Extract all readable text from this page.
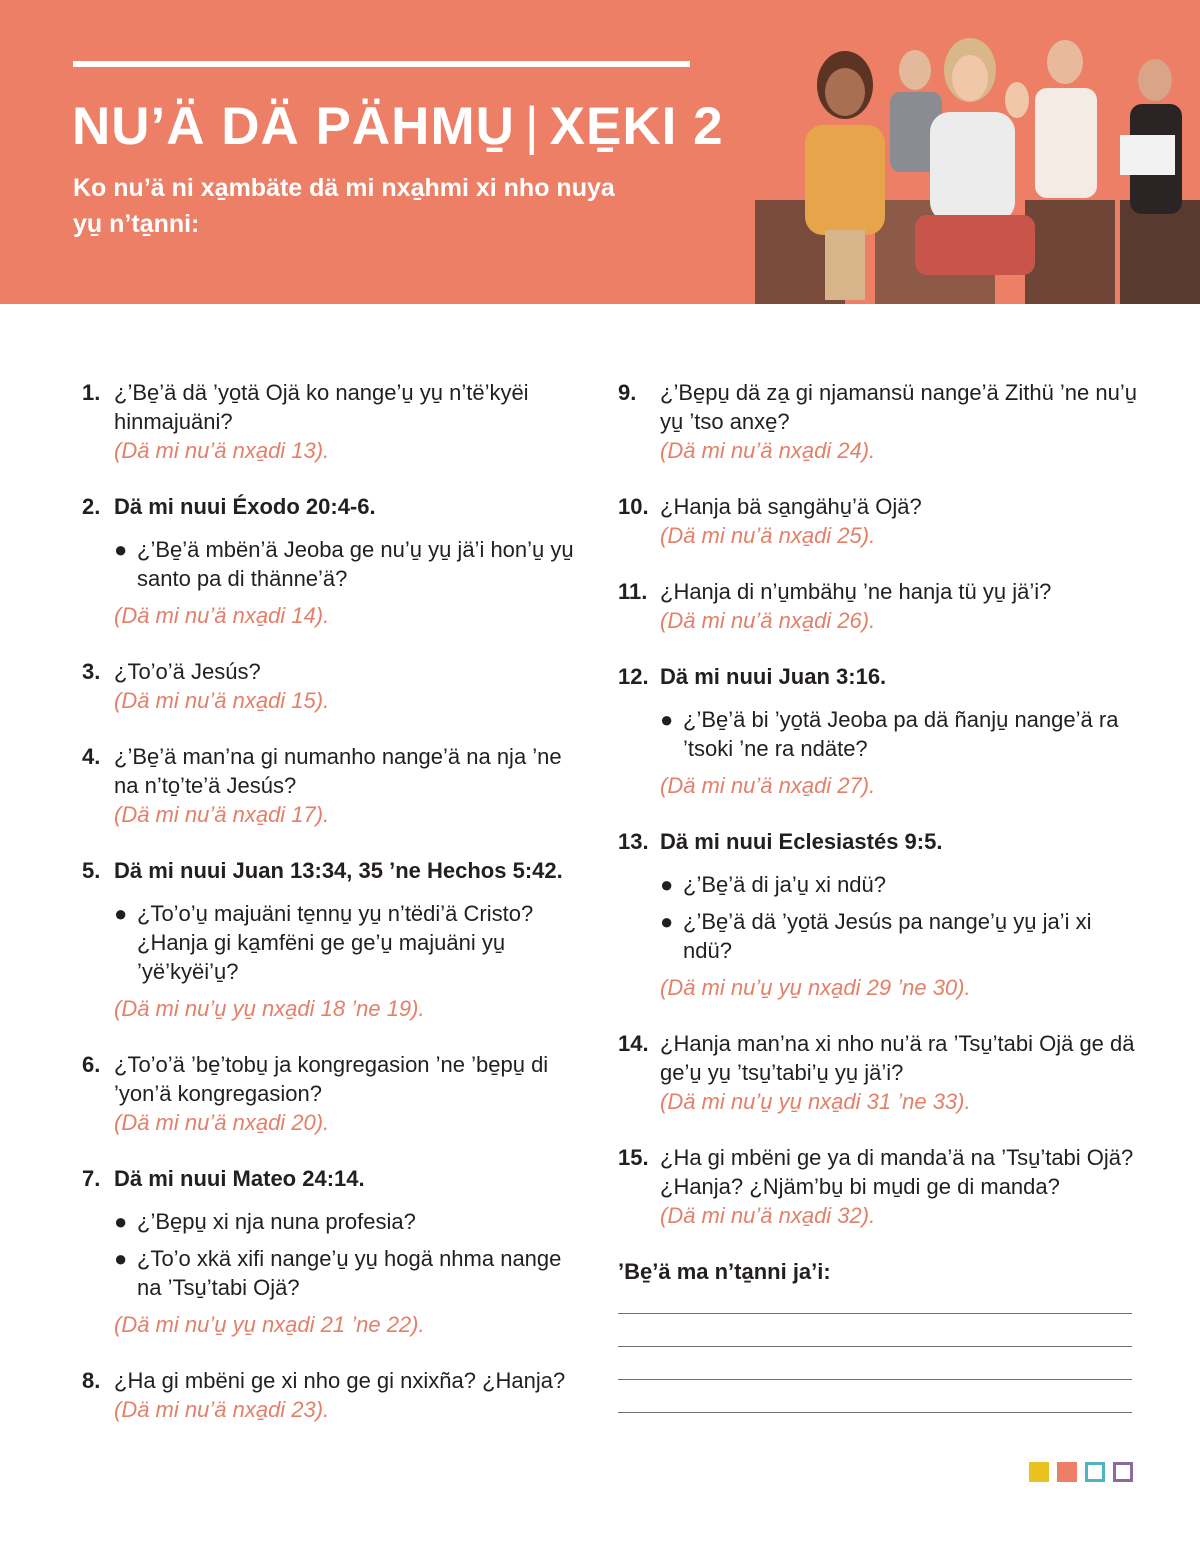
NU’Ä DÄ PÄHMU̱ | XE̱KI 2

Ko nu’ä ni xa̱mbäte dä mi nxa̱hmi xi nho nuya yu̱ n’ta̱nni:

1. ¿’Be̱’ä dä ’yo̱tä Ojä ko nange’u̱ yu̱ n’të’kyëi hinmajuäni?
(Dä mi nu’ä nxa̱di 13).
2. Dä mi nuui Éxodo 20:4-6.
● ¿’Be̱’ä mbën’ä Jeoba ge nu’u̱ yu̱ jä’i hon’u̱ yu̱ santo pa di thänne’ä?
(Dä mi nu’ä nxa̱di 14).
3. ¿To’o’ä Jesús?
(Dä mi nu’ä nxa̱di 15).
4. ¿’Be̱’ä man’na gi numanho nange’ä na nja ’ne na n’to̱’te’ä Jesús?
(Dä mi nu’ä nxa̱di 17).
5. Dä mi nuui Juan 13:34, 35 ’ne Hechos 5:42.
● ¿To’o’u̱ majuäni te̱nnu̱ yu̱ n’tëdi’ä Cristo? ¿Hanja gi ka̱mfëni ge ge’u̱ majuäni yu̱ ’yë’kyëi’u̱?
(Dä mi nu’u̱ yu̱ nxa̱di 18 ’ne 19).
6. ¿To’o’ä ’be̱’tobu̱ ja kongregasion ’ne ’be̱pu̱ di ’yon’ä kongregasion?
(Dä mi nu’ä nxa̱di 20).
7. Dä mi nuui Mateo 24:14.
● ¿’Be̱pu̱ xi nja nuna profesia?
● ¿To’o xkä xifi nange’u̱ yu̱ hogä nhma nange na ’Tsu̱’tabi Ojä?
(Dä mi nu’u̱ yu̱ nxa̱di 21 ’ne 22).
8. ¿Ha gi mbëni ge xi nho ge gi nxixña? ¿Hanja?
(Dä mi nu’ä nxa̱di 23).
9. ¿’Be̱pu̱ dä za̱ gi njamansü nange’ä Zithü ’ne nu’u̱ yu̱ ’tso anxe̱?
(Dä mi nu’ä nxa̱di 24).
10. ¿Hanja bä sa̱ngähu̱’ä Ojä?
(Dä mi nu’ä nxa̱di 25).
11. ¿Hanja di n’u̱mbähu̱ ’ne hanja tü yu̱ jä’i?
(Dä mi nu’ä nxa̱di 26).
12. Dä mi nuui Juan 3:16.
● ¿’Be̱’ä bi ’yo̱tä Jeoba pa dä ñanju̱ nange’ä ra ’tsoki ’ne ra ndäte?
(Dä mi nu’ä nxa̱di 27).
13. Dä mi nuui Eclesiastés 9:5.
● ¿’Be̱’ä di ja’u̱ xi ndü?
● ¿’Be̱’ä dä ’yo̱tä Jesús pa nange’u̱ yu̱ ja’i xi ndü?
(Dä mi nu’u̱ yu̱ nxa̱di 29 ’ne 30).
14. ¿Hanja man’na xi nho nu’ä ra ’Tsu̱’tabi Ojä ge dä ge’u̱ yu̱ ’tsu̱’tabi’u̱ yu̱ jä’i?
(Dä mi nu’u̱ yu̱ nxa̱di 31 ’ne 33).
15. ¿Ha gi mbëni ge ya di manda’ä na ’Tsu̱’tabi Ojä? ¿Hanja? ¿Njäm’bu̱ bi mu̱di ge di manda?
(Dä mi nu’ä nxa̱di 32).

’Be̱’ä ma n’ta̱nni ja’i:
